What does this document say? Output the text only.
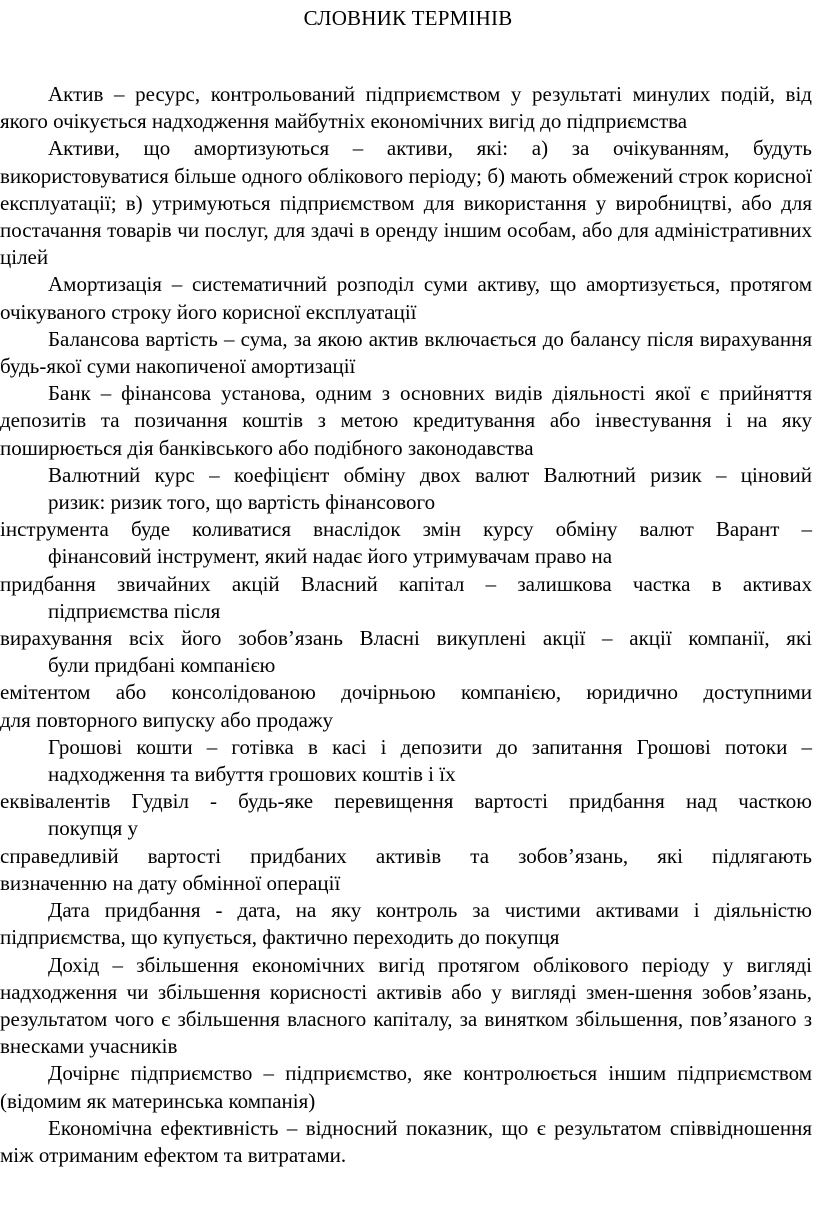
СЛОВНИК ТЕРМІНІВ

Актив – ресурс, контрольований підприємством у результаті минулих подій, від якого очікується надходження майбутніх економічних вигід до підприємства

Активи, що амортизуються – активи, які: а) за очікуванням, будуть використовуватися більше одного облікового періоду; б) мають обмежений строк корисної експлуатації; в) утримуються підприємством для використання у виробництві, або для постачання товарів чи послуг, для здачі в оренду іншим особам, або для адміністративних цілей

Амортизація – систематичний розподіл суми активу, що амортизується, протягом очікуваного строку його корисної експлуатації

Балансова вартість – сума, за якою актив включається до балансу після вирахування будь-якої суми накопиченої амортизації

Банк – фінансова установа, одним з основних видів діяльності якої є прийняття депозитів та позичання коштів з метою кредитування або інвестування і на яку поширюється дія банківського або подібного законодавства

Валютний курс – коефіцієнт обміну двох валют Валютний ризик – ціновий
ризик: ризик того, що вартість фінансового
інструмента буде коливатися внаслідок змін курсу обміну валют Варант –
фінансовий інструмент, який надає його утримувачам право на
придбання звичайних акцій Власний капітал – залишкова частка в активах
підприємства після
вирахування всіх його зобов’язань Власні викуплені акції – акції компанії, які
були придбані компанією
емітентом або консолідованою дочірньою компанією, юридично доступними
для повторного випуску або продажу
Грошові кошти – готівка в касі і депозити до запитання Грошові потоки –
надходження та вибуття грошових коштів і їх
еквівалентів Гудвіл - будь-яке перевищення вартості придбання над часткою
покупця у
справедливій вартості придбаних активів та зобов’язань, які підлягають
визначенню на дату обмінної операції

Дата придбання - дата, на яку контроль за чистими активами і діяльністю підприємства, що купується, фактично переходить до покупця

Дохід – збільшення економічних вигід протягом облікового періоду у вигляді надходження чи збільшення корисності активів або у вигляді змен-шення зобов’язань, результатом чого є збільшення власного капіталу, за винятком збільшення, пов’язаного з внесками учасників

Дочірнє підприємство – підприємство, яке контролюється іншим підприємством (відомим як материнська компанія)

Економічна ефективність – відносний показник, що є результатом співвідношення між отриманим ефектом та витратами.
